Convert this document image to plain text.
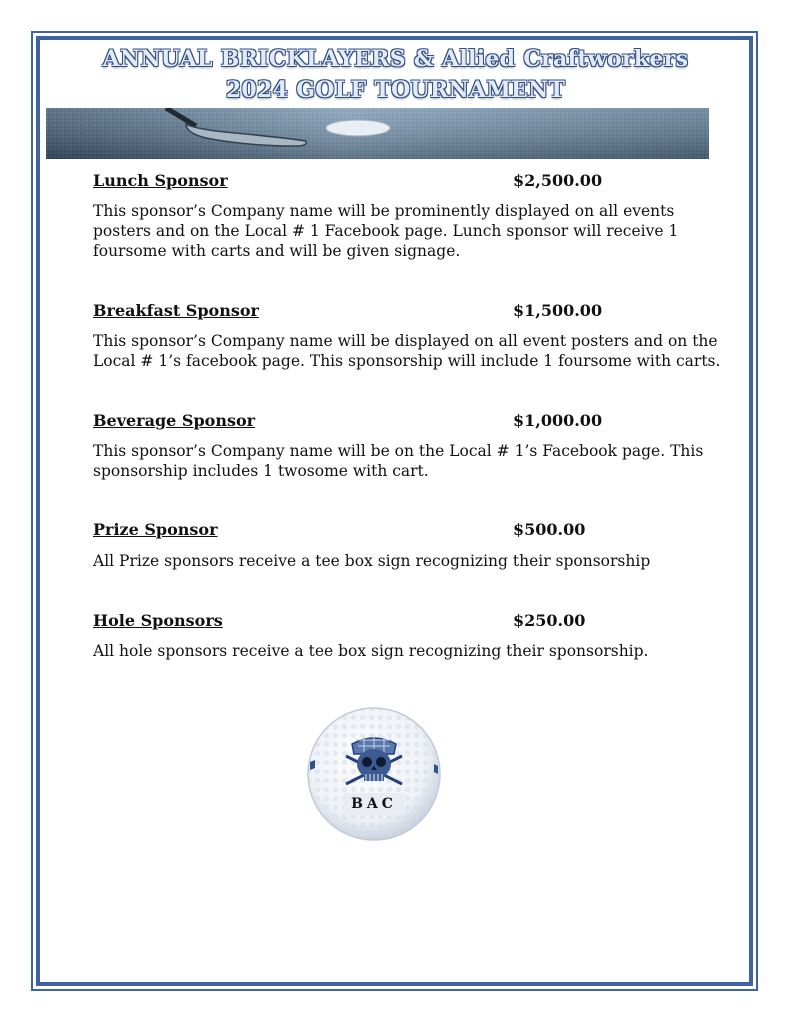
ANNUAL BRICKLAYERS & Allied Craftworkers
2024 GOLF TOURNAMENT
Lunch Sponsor	$2,500.00
This sponsor’s Company name will be prominently displayed on all events posters and on the Local # 1 Facebook page. Lunch sponsor will receive 1 foursome with carts and will be given signage.
Breakfast Sponsor	$1,500.00
This sponsor’s Company name will be displayed on all event posters and on the Local # 1’s facebook page. This sponsorship will include 1 foursome with carts.
Beverage Sponsor	$1,000.00
This sponsor’s Company name will be on the Local # 1’s Facebook page. This sponsorship includes 1 twosome with cart.
Prize Sponsor	$500.00
All Prize sponsors receive a tee box sign recognizing their sponsorship
Hole Sponsors	$250.00
All hole sponsors receive a tee box sign recognizing their sponsorship.
BAC
